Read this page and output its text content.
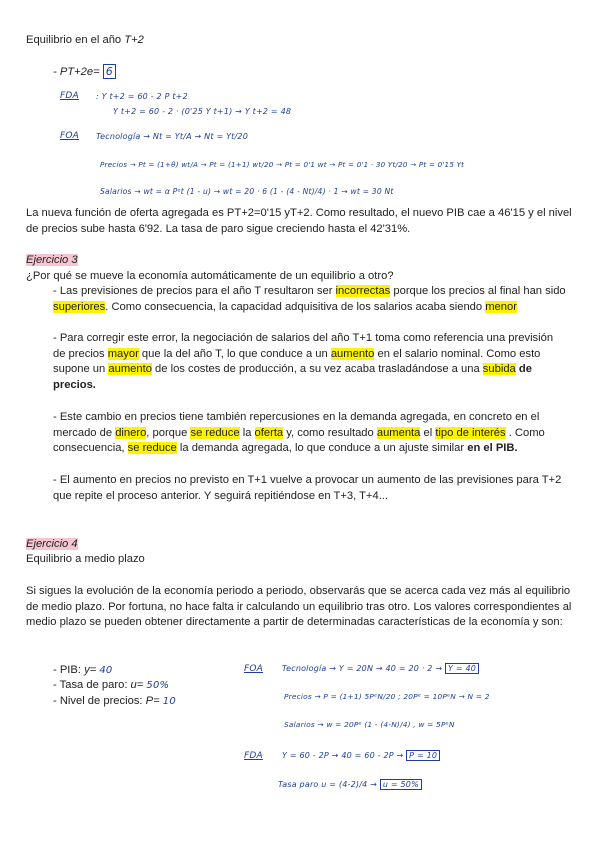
Equilibrio en el año T+2
- PT+2e= 6
FDA : Y t+2 = 60 - 2 P t+2
Y t+2 = 60 - 2 · (0'25 Y t+1) → Y t+2 = 48
FOA Tecnología → Nt = Yt/A → Nt = Yt/20
Precios → Pt = (1+θ) wt/A → Pt = (1+1) wt/20 → Pt = 0'1 wt → Pt = 0'1 · 30 Yt/20 → Pt = 0'15 Yt
Salarios → wt = α Pᵉt (1 - u) → wt = 20 · 6 (1 - (4 - Nt)/4) · 1 → wt = 30 Nt
La nueva función de oferta agregada es PT+2=0'15 yT+2. Como resultado, el nuevo PIB cae a 46'15 y el nivel de precios sube hasta 6'92. La tasa de paro sigue creciendo hasta el 42'31%.
Ejercicio 3
¿Por qué se mueve la economía automáticamente de un equilibrio a otro?
- Las previsiones de precios para el año T resultaron ser incorrectas porque los precios al final han sido superiores. Como consecuencia, la capacidad adquisitiva de los salarios acaba siendo menor
- Para corregir este error, la negociación de salarios del año T+1 toma como referencia una previsión de precios mayor que la del año T, lo que conduce a un aumento en el salario nominal. Como esto supone un aumento de los costes de producción, a su vez acaba trasladándose a una subida de precios.
- Este cambio en precios tiene también repercusiones en la demanda agregada, en concreto en el mercado de dinero, porque se reduce la oferta y, como resultado aumenta el tipo de interés . Como consecuencia, se reduce la demanda agregada, lo que conduce a un ajuste similar en el PIB.
- El aumento en precios no previsto en T+1 vuelve a provocar un aumento de las previsiones para T+2 que repite el proceso anterior. Y seguirá repitiéndose en T+3, T+4...
Ejercicio 4
Equilibrio a medio plazo
Si sigues la evolución de la economía periodo a periodo, observarás que se acerca cada vez más al equilibrio de medio plazo. Por fortuna, no hace falta ir calculando un equilibrio tras otro. Los valores correspondientes al medio plazo se pueden obtener directamente a partir de determinadas características de la economía y son:
- PIB: y= 40
- Tasa de paro: u= 50%
- Nivel de precios: P= 10
FOA Tecnología → Y = 20N → 40 = 20 · 2 → Y = 40
Precios → P = (1+1) 5PᵉN/20 ; 20Pᵉ = 10PᵉN → N = 2
Salarios → w = 20Pᵉ (1 - (4-N)/4) , w = 5PᵉN
FDA Y = 60 - 2P → 40 = 60 - 2P → P = 10
Tasa paro u = (4-2)/4 → u = 50%
